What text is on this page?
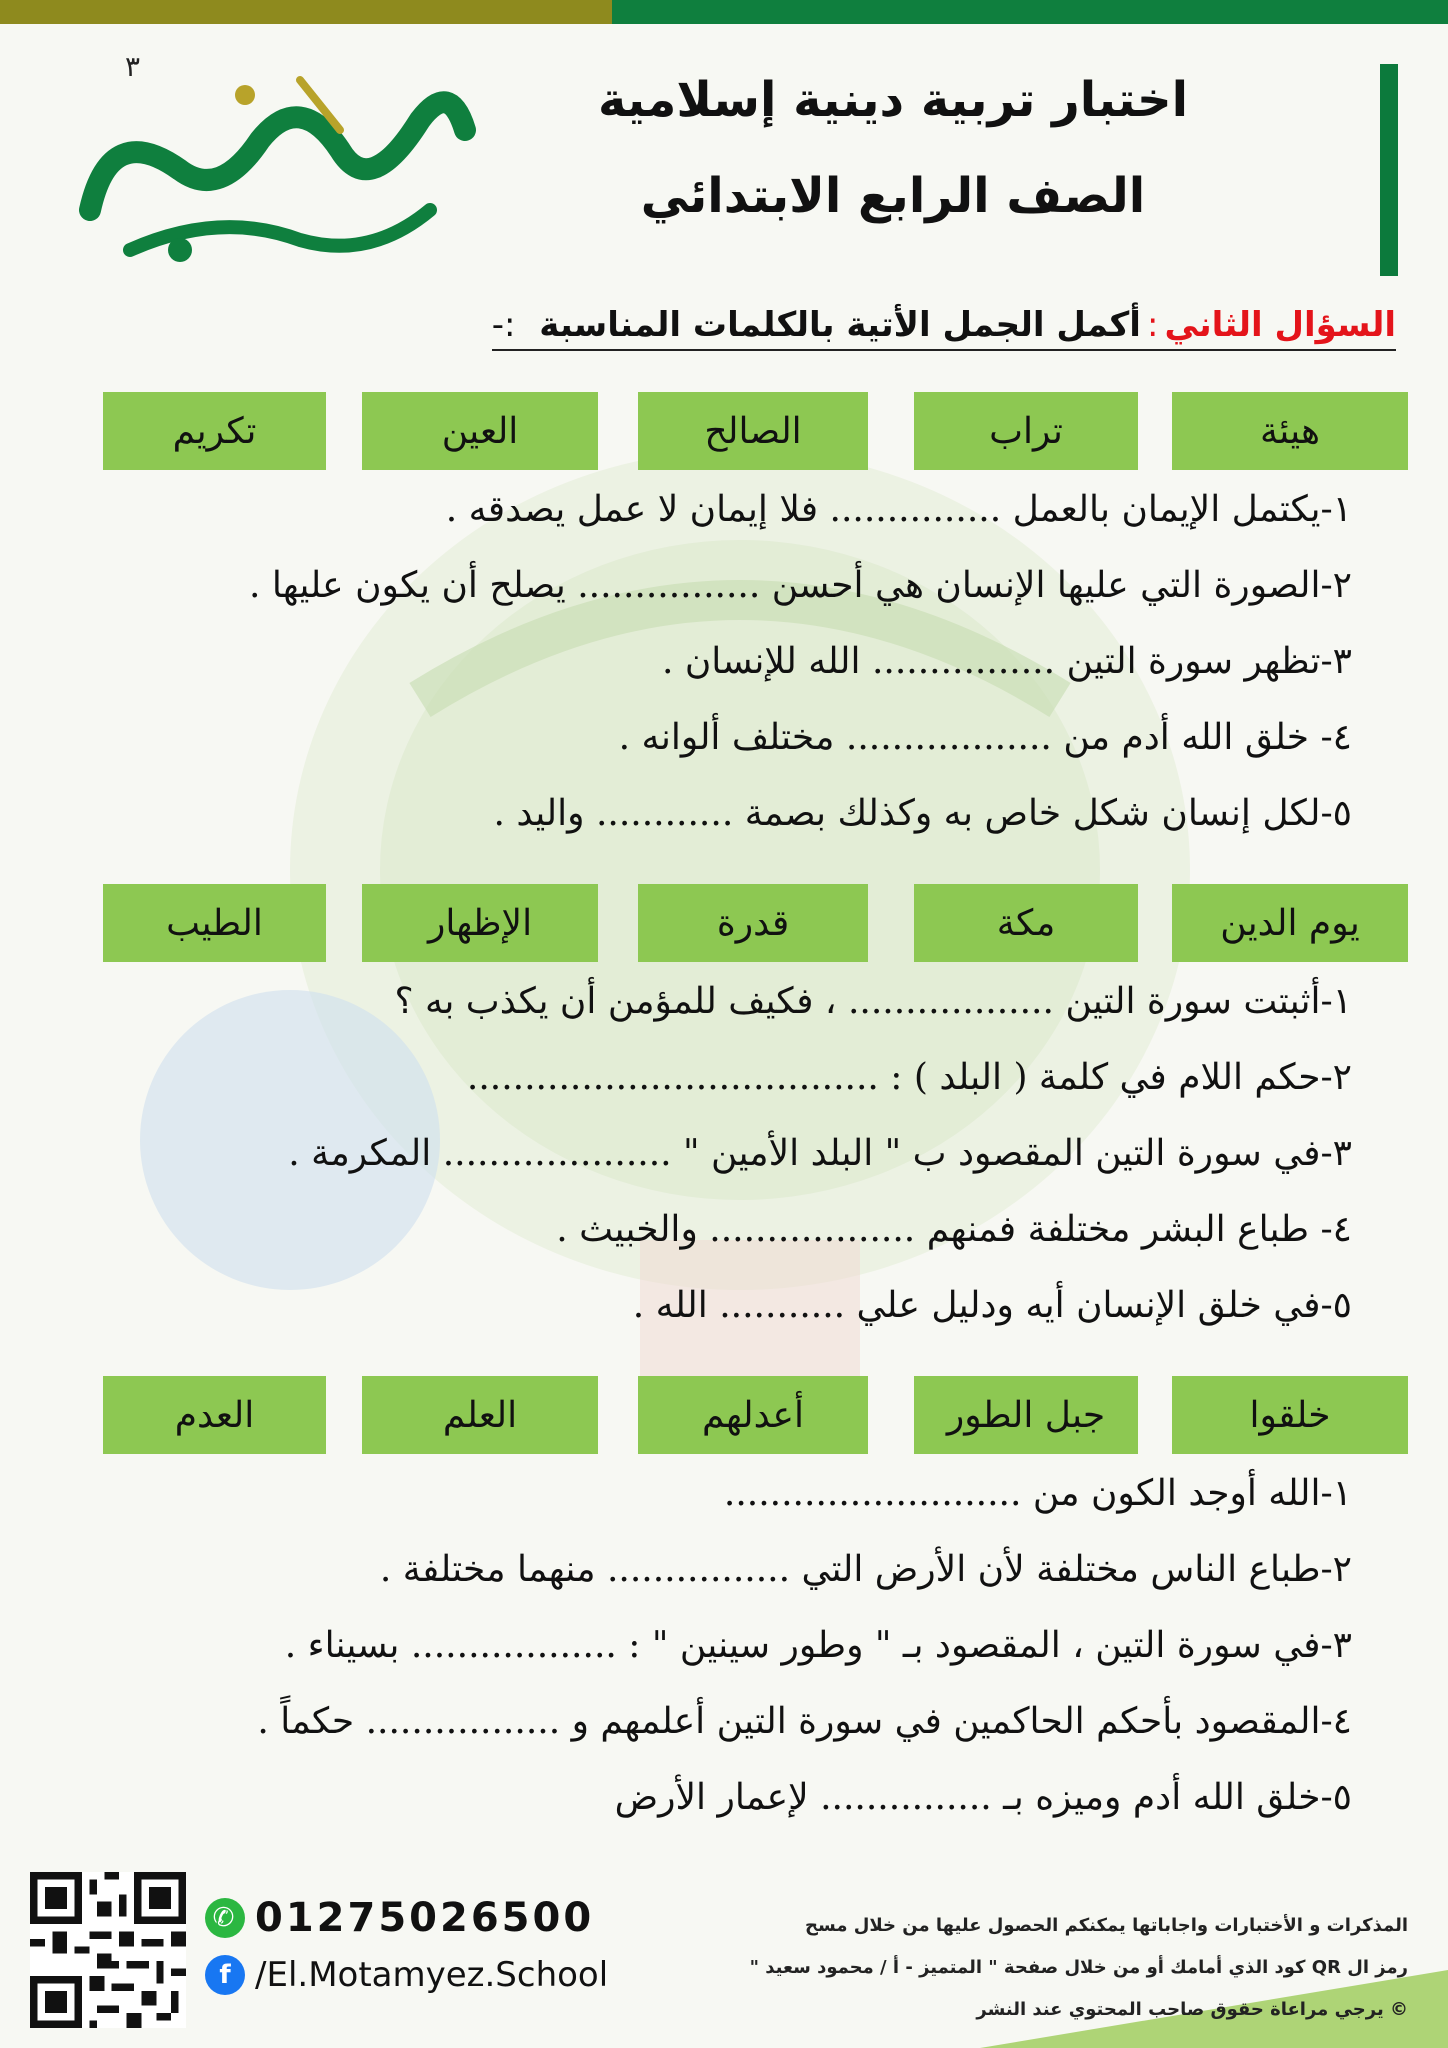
٣
اختبار تربية دينية إسلامية
الصف الرابع الابتدائي
السؤال الثاني:أكمل الجمل الأتية بالكلمات المناسبة :-
هيئة
تراب
الصالح
العين
تكريم
١-يكتمل الإيمان بالعمل ............... فلا إيمان لا عمل يصدقه .
٢-الصورة التي عليها الإنسان هي أحسن ................ يصلح أن يكون عليها .
٣-تظهر سورة التين ................ الله للإنسان .
٤- خلق الله أدم من .................. مختلف ألوانه .
٥-لكل إنسان شكل خاص به وكذلك بصمة ............ واليد .
يوم الدين
مكة
قدرة
الإظهار
الطيب
١-أثبتت سورة التين .................. ، فكيف للمؤمن أن يكذب به ؟
٢-حكم اللام في كلمة ( البلد ) : ....................................
٣-في سورة التين المقصود ب " البلد الأمين " .................... المكرمة .
٤- طباع البشر مختلفة فمنهم .................. والخبيث .
٥-في خلق الإنسان أيه ودليل علي ........... الله .
خلقوا
جبل الطور
أعدلهم
العلم
العدم
١-الله أوجد الكون من ..........................
٢-طباع الناس مختلفة لأن الأرض التي ................ منهما مختلفة .
٣-في سورة التين ، المقصود بـ " وطور سينين " : .................. بسيناء .
٤-المقصود بأحكم الحاكمين في سورة التين أعلمهم و ................. حكماً .
٥-خلق الله أدم وميزه بـ ............... لإعمار الأرض
✆ 01275026500
f /El.Motamyez.School
المذكرات و الأختبارات واجاباتها يمكنكم الحصول عليها من خلال مسح
رمز ال QR كود الذي أمامك أو من خلال صفحة " المتميز - أ / محمود سعيد "
© يرجي مراعاة حقوق صاحب المحتوي عند النشر
